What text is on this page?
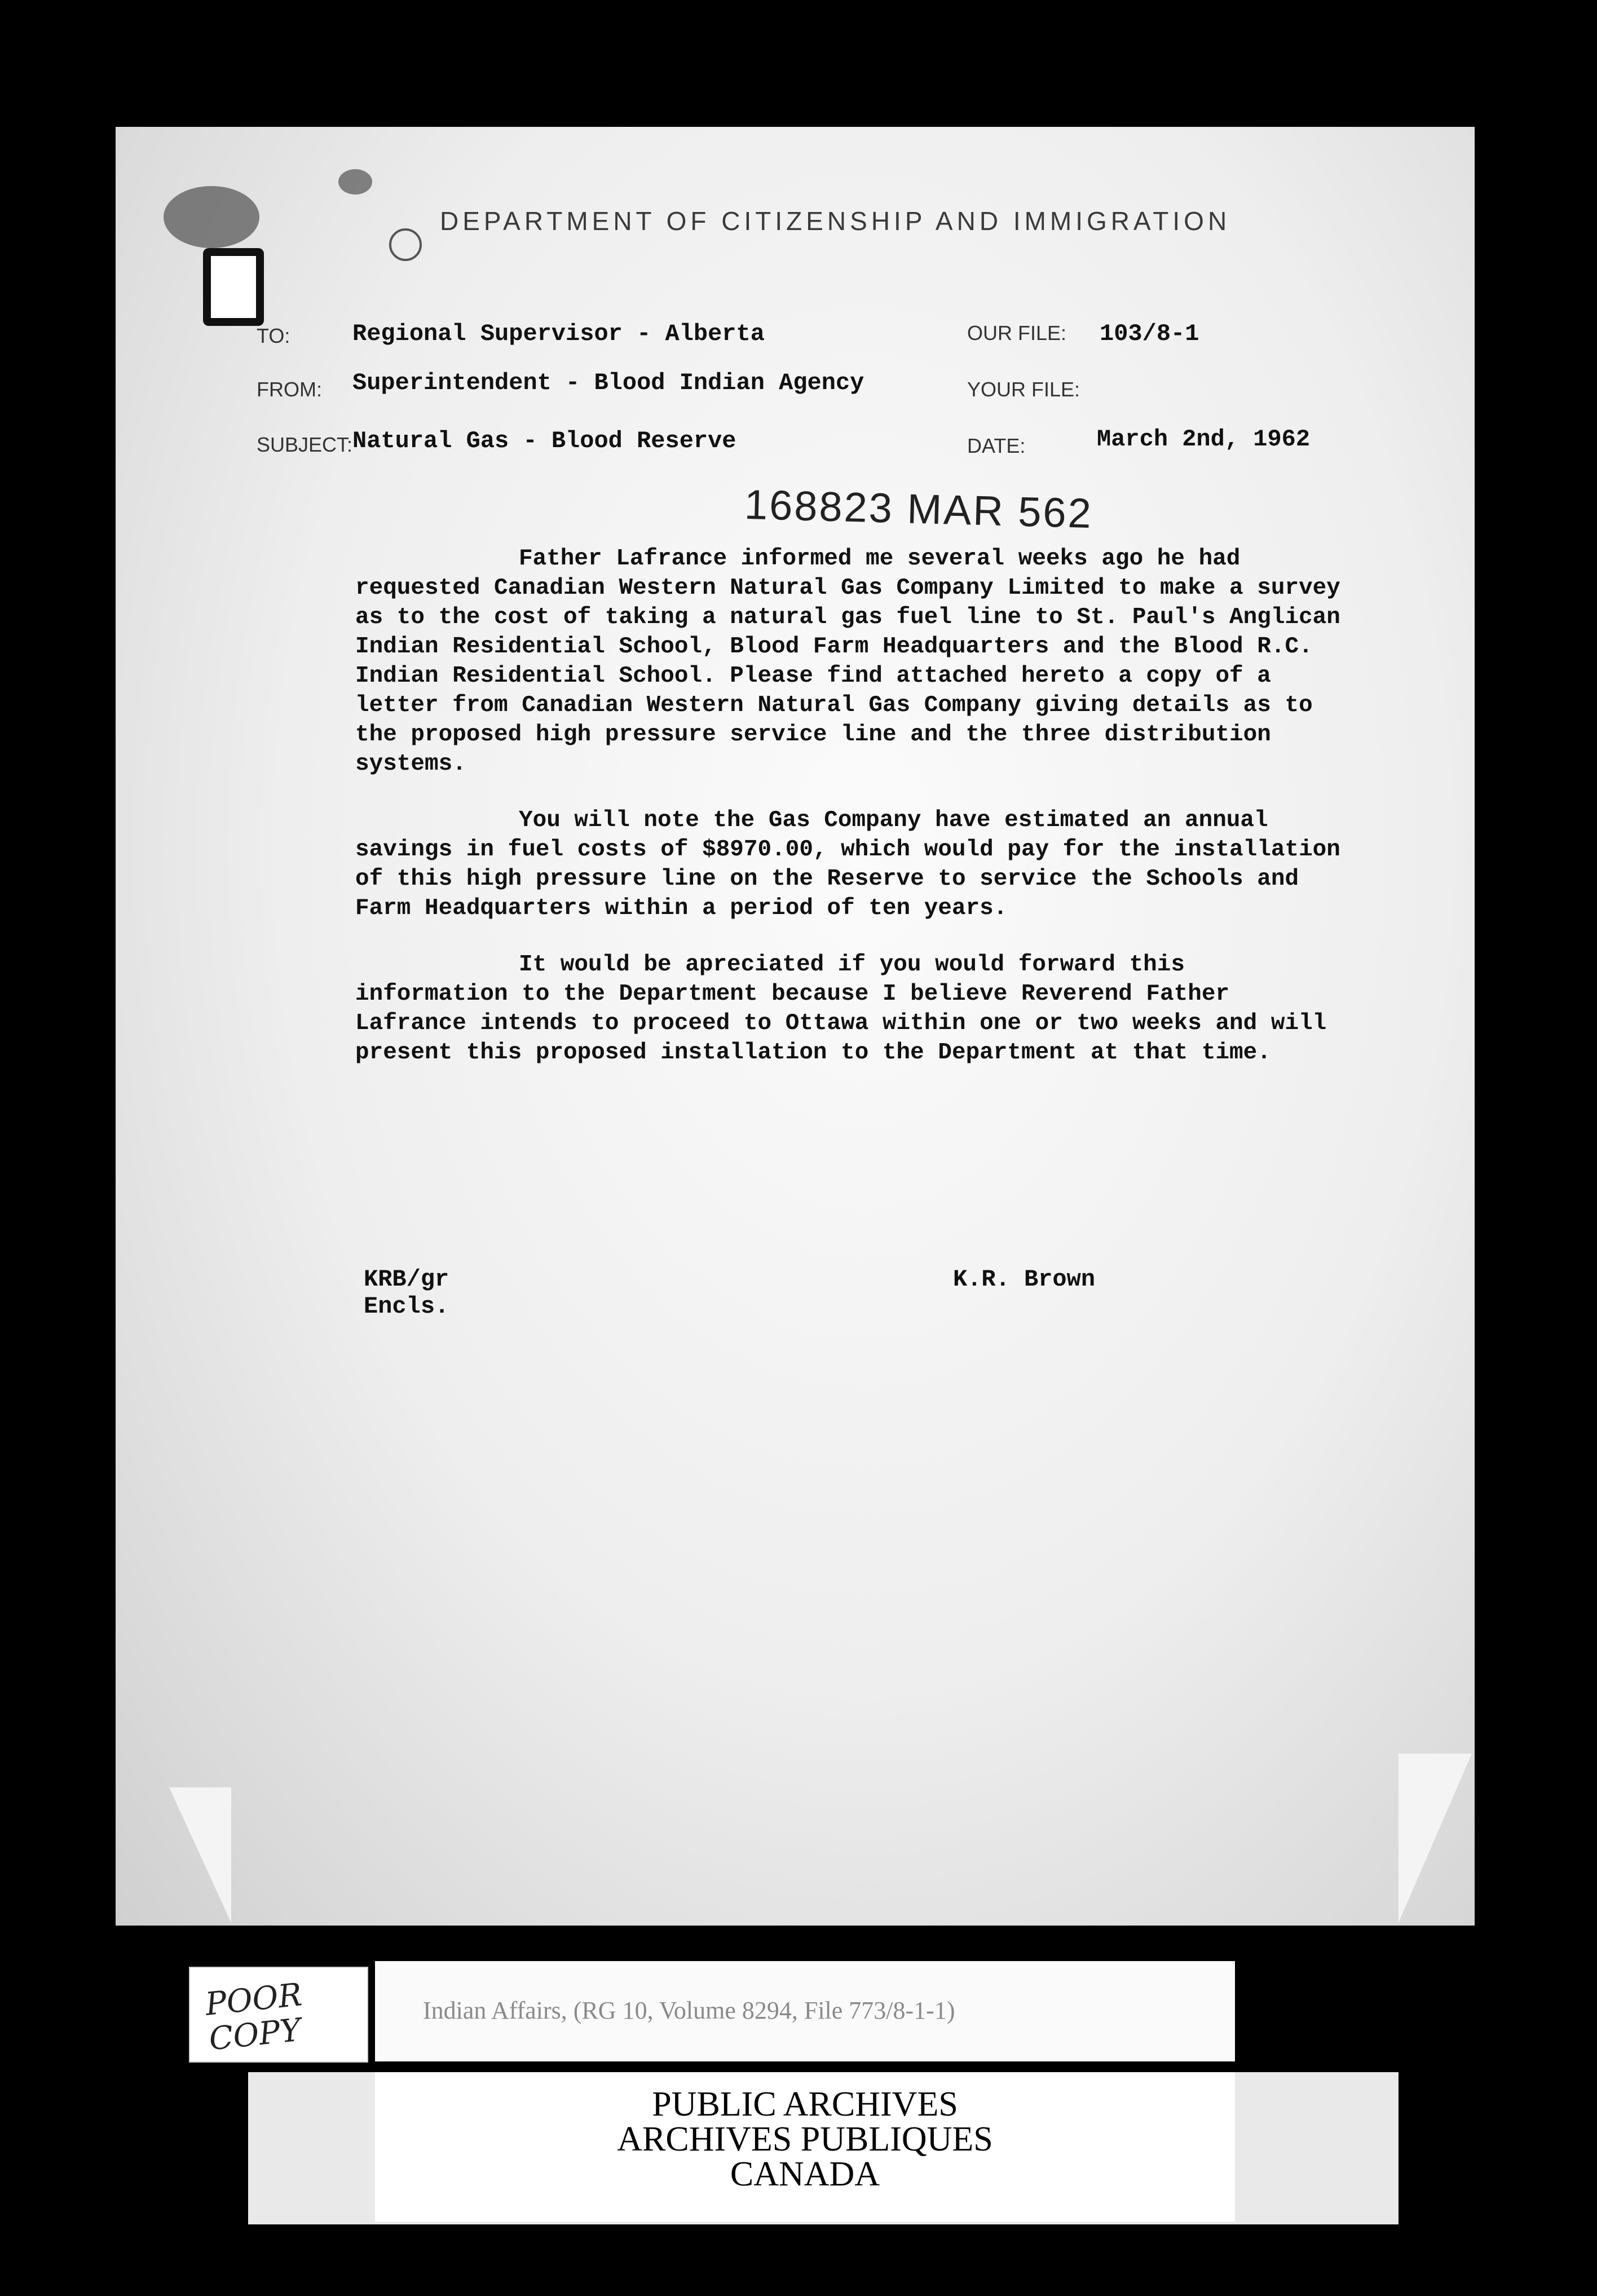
DEPARTMENT OF CITIZENSHIP AND IMMIGRATION
TO:	Regional Supervisor - Alberta
FROM: Superintendent - Blood Indian Agency
SUBJECT: Natural Gas - Blood Reserve
OUR FILE: 103/8-1
YOUR FILE:
DATE:	March 2nd, 1962
168823 MAR 562

Father Lafrance informed me several weeks ago he had requested Canadian Western Natural Gas Company Limited to make a survey as to the cost of taking a natural gas fuel line to St. Paul's Anglican Indian Residential School, Blood Farm Headquarters and the Blood R.C. Indian Residential School. Please find attached hereto a copy of a letter from Canadian Western Natural Gas Company giving details as to the proposed high pressure service line and the three distribution systems.

You will note the Gas Company have estimated an annual savings in fuel costs of $8970.00, which would pay for the installation of this high pressure line on the Reserve to service the Schools and Farm Headquarters within a period of ten years.

It would be apreciated if you would forward this information to the Department because I believe Reverend Father Lafrance intends to proceed to Ottawa within one or two weeks and will present this proposed installation to the Department at that time.

KRB/gr
Encls.
K.R. Brown
POOR COPY
Indian Affairs, (RG 10, Volume 8294, File 773/8-1-1)

PUBLIC ARCHIVES

ARCHIVES PUBLIQUES

CANADA
